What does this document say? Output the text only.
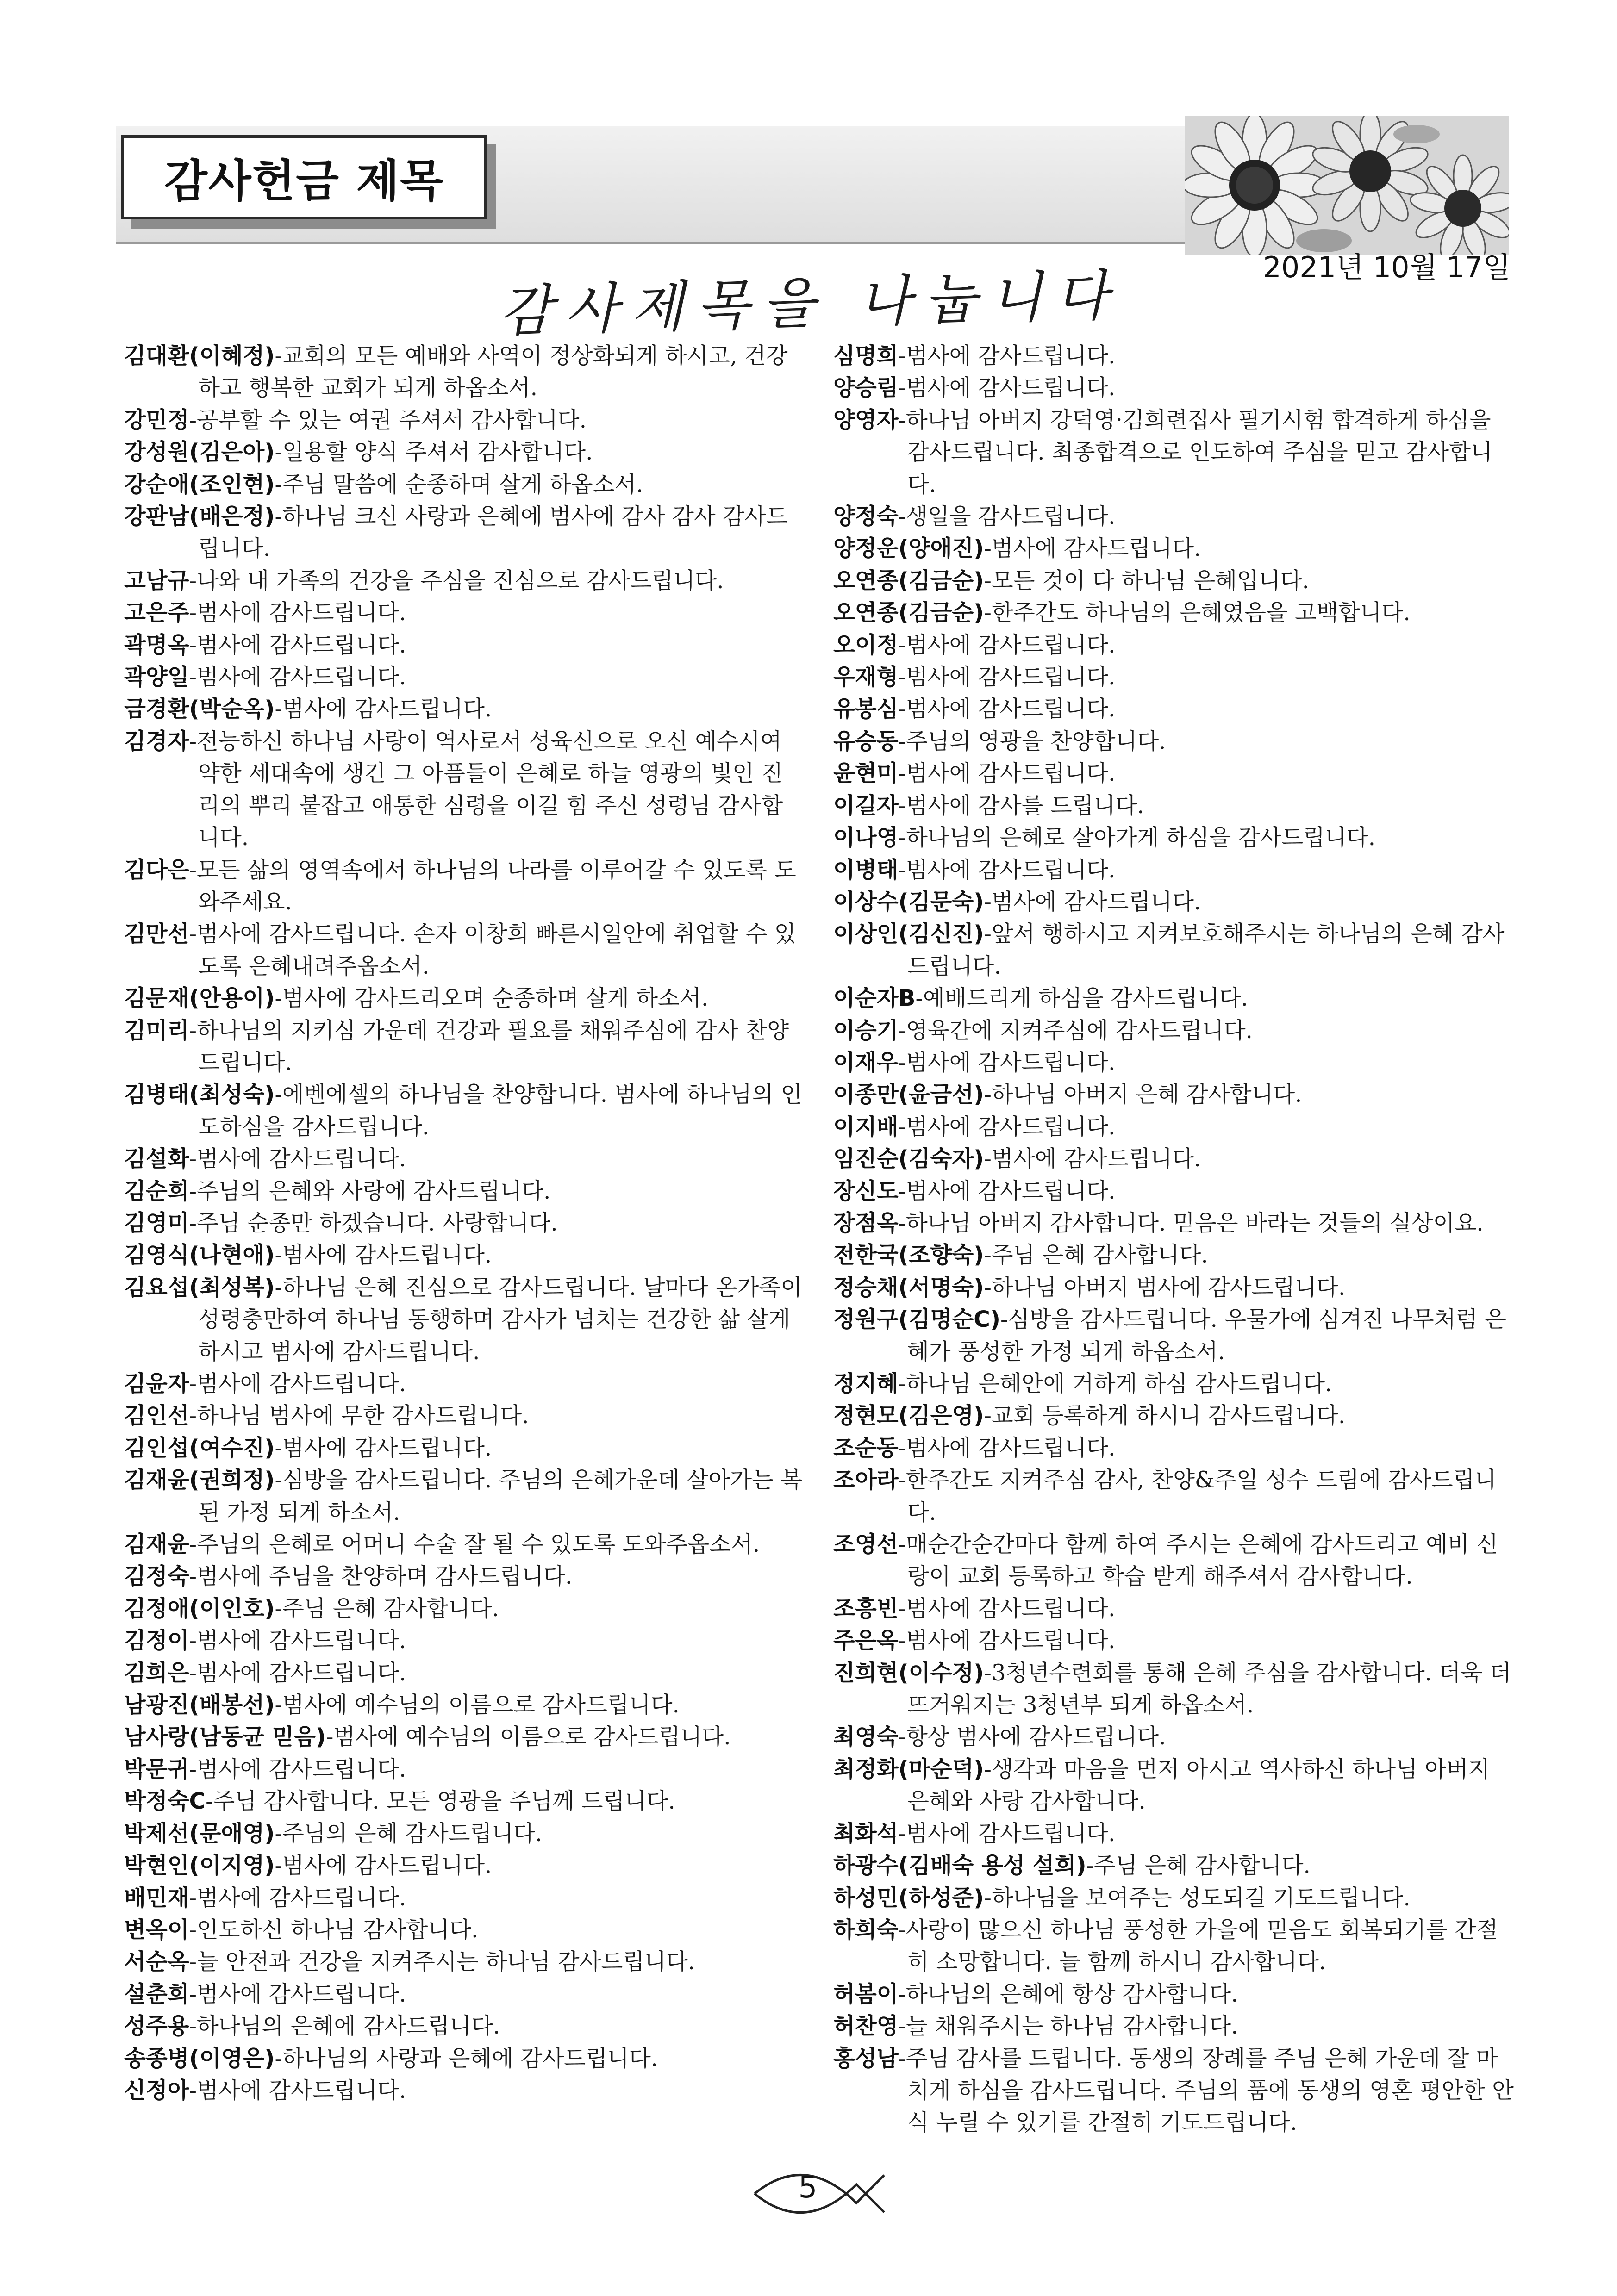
감사헌금 제목
2021년 10월 17일
감사제목을 나눕니다

김대환(이혜정)-교회의 모든 예배와 사역이 정상화되게 하시고, 건강하고 행복한 교회가 되게 하옵소서.

강민정-공부할 수 있는 여권 주셔서 감사합니다.

강성원(김은아)-일용할 양식 주셔서 감사합니다.

강순애(조인현)-주님 말씀에 순종하며 살게 하옵소서.

강판남(배은정)-하나님 크신 사랑과 은혜에 범사에 감사 감사 감사드립니다.

고남규-나와 내 가족의 건강을 주심을 진심으로 감사드립니다.

고은주-범사에 감사드립니다.

곽명옥-범사에 감사드립니다.

곽양일-범사에 감사드립니다.

금경환(박순옥)-범사에 감사드립니다.

김경자-전능하신 하나님 사랑이 역사로서 성육신으로 오신 예수시여 약한 세대속에 생긴 그 아픔들이 은혜로 하늘 영광의 빛인 진리의 뿌리 붙잡고 애통한 심령을 이길 힘 주신 성령님 감사합니다.

김다은-모든 삶의 영역속에서 하나님의 나라를 이루어갈 수 있도록 도와주세요.

김만선-범사에 감사드립니다. 손자 이창희 빠른시일안에 취업할 수 있도록 은혜내려주옵소서.

김문재(안용이)-범사에 감사드리오며 순종하며 살게 하소서.

김미리-하나님의 지키심 가운데 건강과 필요를 채워주심에 감사 찬양드립니다.

김병태(최성숙)-에벤에셀의 하나님을 찬양합니다. 범사에 하나님의 인도하심을 감사드립니다.

김설화-범사에 감사드립니다.

김순희-주님의 은혜와 사랑에 감사드립니다.

김영미-주님 순종만 하겠습니다. 사랑합니다.

김영식(나현애)-범사에 감사드립니다.

김요섭(최성복)-하나님 은혜 진심으로 감사드립니다. 날마다 온가족이 성령충만하여 하나님 동행하며 감사가 넘치는 건강한 삶 살게 하시고 범사에 감사드립니다.

김윤자-범사에 감사드립니다.

김인선-하나님 범사에 무한 감사드립니다.

김인섭(여수진)-범사에 감사드립니다.

김재윤(권희정)-심방을 감사드립니다. 주님의 은혜가운데 살아가는 복된 가정 되게 하소서.

김재윤-주님의 은혜로 어머니 수술 잘 될 수 있도록 도와주옵소서.

김정숙-범사에 주님을 찬양하며 감사드립니다.

김정애(이인호)-주님 은혜 감사합니다.

김정이-범사에 감사드립니다.

김희은-범사에 감사드립니다.

남광진(배봉선)-범사에 예수님의 이름으로 감사드립니다.

남사랑(남동균 믿음)-범사에 예수님의 이름으로 감사드립니다.

박문귀-범사에 감사드립니다.

박정숙C-주님 감사합니다. 모든 영광을 주님께 드립니다.

박제선(문애영)-주님의 은혜 감사드립니다.

박현인(이지영)-범사에 감사드립니다.

배민재-범사에 감사드립니다.

변옥이-인도하신 하나님 감사합니다.

서순옥-늘 안전과 건강을 지켜주시는 하나님 감사드립니다.

설춘희-범사에 감사드립니다.

성주용-하나님의 은혜에 감사드립니다.

송종병(이영은)-하나님의 사랑과 은혜에 감사드립니다.

신정아-범사에 감사드립니다.

심명희-범사에 감사드립니다.

양승림-범사에 감사드립니다.

양영자-하나님 아버지 강덕영·김희련집사 필기시험 합격하게 하심을 감사드립니다. 최종합격으로 인도하여 주심을 믿고 감사합니다.

양정숙-생일을 감사드립니다.

양정운(양애진)-범사에 감사드립니다.

오연종(김금순)-모든 것이 다 하나님 은혜입니다.

오연종(김금순)-한주간도 하나님의 은혜였음을 고백합니다.

오이정-범사에 감사드립니다.

우재형-범사에 감사드립니다.

유봉심-범사에 감사드립니다.

유승동-주님의 영광을 찬양합니다.

윤현미-범사에 감사드립니다.

이길자-범사에 감사를 드립니다.

이나영-하나님의 은혜로 살아가게 하심을 감사드립니다.

이병태-범사에 감사드립니다.

이상수(김문숙)-범사에 감사드립니다.

이상인(김신진)-앞서 행하시고 지켜보호해주시는 하나님의 은혜 감사드립니다.

이순자B-예배드리게 하심을 감사드립니다.

이승기-영육간에 지켜주심에 감사드립니다.

이재우-범사에 감사드립니다.

이종만(윤금선)-하나님 아버지 은혜 감사합니다.

이지배-범사에 감사드립니다.

임진순(김숙자)-범사에 감사드립니다.

장신도-범사에 감사드립니다.

장점옥-하나님 아버지 감사합니다. 믿음은 바라는 것들의 실상이요.

전한국(조향숙)-주님 은혜 감사합니다.

정승채(서명숙)-하나님 아버지 범사에 감사드립니다.

정원구(김명순C)-심방을 감사드립니다. 우물가에 심겨진 나무처럼 은혜가 풍성한 가정 되게 하옵소서.

정지혜-하나님 은혜안에 거하게 하심 감사드립니다.

정현모(김은영)-교회 등록하게 하시니 감사드립니다.

조순동-범사에 감사드립니다.

조아라-한주간도 지켜주심 감사, 찬양&주일 성수 드림에 감사드립니다.

조영선-매순간순간마다 함께 하여 주시는 은혜에 감사드리고 예비 신랑이 교회 등록하고 학습 받게 해주셔서 감사합니다.

조흥빈-범사에 감사드립니다.

주은옥-범사에 감사드립니다.

진희현(이수정)-3청년수련회를 통해 은혜 주심을 감사합니다. 더욱 더 뜨거워지는 3청년부 되게 하옵소서.

최영숙-항상 범사에 감사드립니다.

최정화(마순덕)-생각과 마음을 먼저 아시고 역사하신 하나님 아버지 은혜와 사랑 감사합니다.

최화석-범사에 감사드립니다.

하광수(김배숙 용성 설희)-주님 은혜 감사합니다.

하성민(하성준)-하나님을 보여주는 성도되길 기도드립니다.

하희숙-사랑이 많으신 하나님 풍성한 가을에 믿음도 회복되기를 간절히 소망합니다. 늘 함께 하시니 감사합니다.

허봄이-하나님의 은혜에 항상 감사합니다.

허찬영-늘 채워주시는 하나님 감사합니다.

홍성남-주님 감사를 드립니다. 동생의 장례를 주님 은혜 가운데 잘 마치게 하심을 감사드립니다. 주님의 품에 동생의 영혼 평안한 안식 누릴 수 있기를 간절히 기도드립니다.

5
